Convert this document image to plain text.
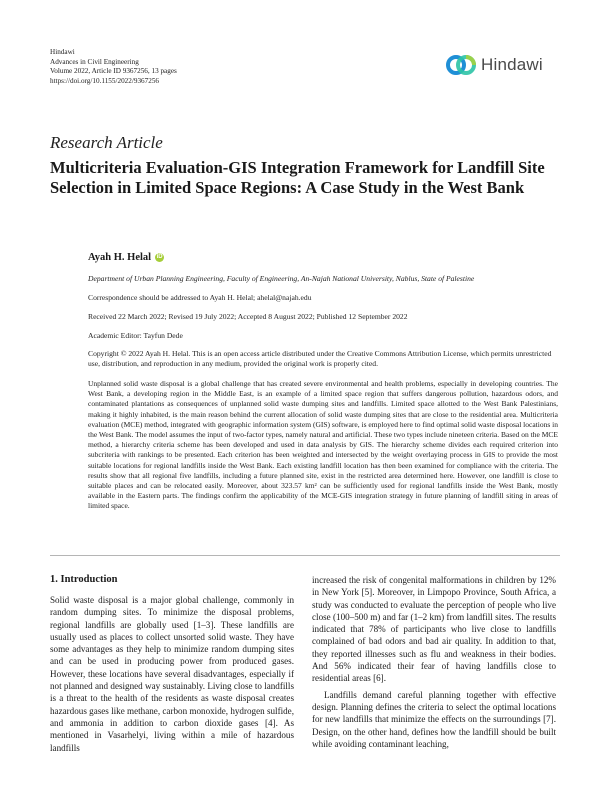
Hindawi
Advances in Civil Engineering
Volume 2022, Article ID 9367256, 13 pages
https://doi.org/10.1155/2022/9367256
Hindawi
Research Article
Multicriteria Evaluation-GIS Integration Framework for Landfill Site Selection in Limited Space Regions: A Case Study in the West Bank
Ayah H. Helal iD
Department of Urban Planning Engineering, Faculty of Engineering, An-Najah National University, Nablus, State of Palestine
Correspondence should be addressed to Ayah H. Helal; ahelal@najah.edu
Received 22 March 2022; Revised 19 July 2022; Accepted 8 August 2022; Published 12 September 2022
Academic Editor: Tayfun Dede
Copyright © 2022 Ayah H. Helal. This is an open access article distributed under the Creative Commons Attribution License, which permits unrestricted use, distribution, and reproduction in any medium, provided the original work is properly cited.
Unplanned solid waste disposal is a global challenge that has created severe environmental and health problems, especially in developing countries. The West Bank, a developing region in the Middle East, is an example of a limited space region that suffers dangerous pollution, hazardous odors, and contaminated plantations as consequences of unplanned solid waste dumping sites and landfills. Limited space allotted to the West Bank Palestinians, making it highly inhabited, is the main reason behind the current allocation of solid waste dumping sites that are close to the residential area. Multicriteria evaluation (MCE) method, integrated with geographic information system (GIS) software, is employed here to find optimal solid waste disposal locations in the West Bank. The model assumes the input of two-factor types, namely natural and artificial. These two types include nineteen criteria. Based on the MCE method, a hierarchy criteria scheme has been developed and used in data analysis by GIS. The hierarchy scheme divides each required criterion into subcriteria with rankings to be presented. Each criterion has been weighted and intersected by the weight overlaying process in GIS to provide the most suitable locations for regional landfills inside the West Bank. Each existing landfill location has then been examined for compliance with the criteria. The results show that all regional five landfills, including a future planned site, exist in the restricted area determined here. However, one landfill is close to suitable places and can be relocated easily. Moreover, about 323.57 km² can be sufficiently used for regional landfills inside the West Bank, mostly available in the Eastern parts. The findings confirm the applicability of the MCE-GIS integration strategy in future planning of landfill siting in areas of limited space.
1. Introduction

Solid waste disposal is a major global challenge, commonly in random dumping sites. To minimize the disposal problems, regional landfills are globally used [1–3]. These landfills are usually used as places to collect unsorted solid waste. They have some advantages as they help to minimize random dumping sites and can be used in producing power from produced gases. However, these locations have several disadvantages, especially if not planned and designed way sustainably. Living close to landfills is a threat to the health of the residents as waste disposal creates hazardous gases like methane, carbon monoxide, hydrogen sulfide, and ammonia in addition to carbon dioxide gases [4]. As mentioned in Vasarhelyi, living within a mile of hazardous landfills

increased the risk of congenital malformations in children by 12% in New York [5]. Moreover, in Limpopo Province, South Africa, a study was conducted to evaluate the perception of people who live close (100–500 m) and far (1–2 km) from landfill sites. The results indicated that 78% of participants who live close to landfills complained of bad odors and bad air quality. In addition to that, they reported illnesses such as flu and weakness in their bodies. And 56% indicated their fear of having landfills close to residential areas [6].

Landfills demand careful planning together with effective design. Planning defines the criteria to select the optimal locations for new landfills that minimize the effects on the surroundings [7]. Design, on the other hand, defines how the landfill should be built while avoiding contaminant leaching,
